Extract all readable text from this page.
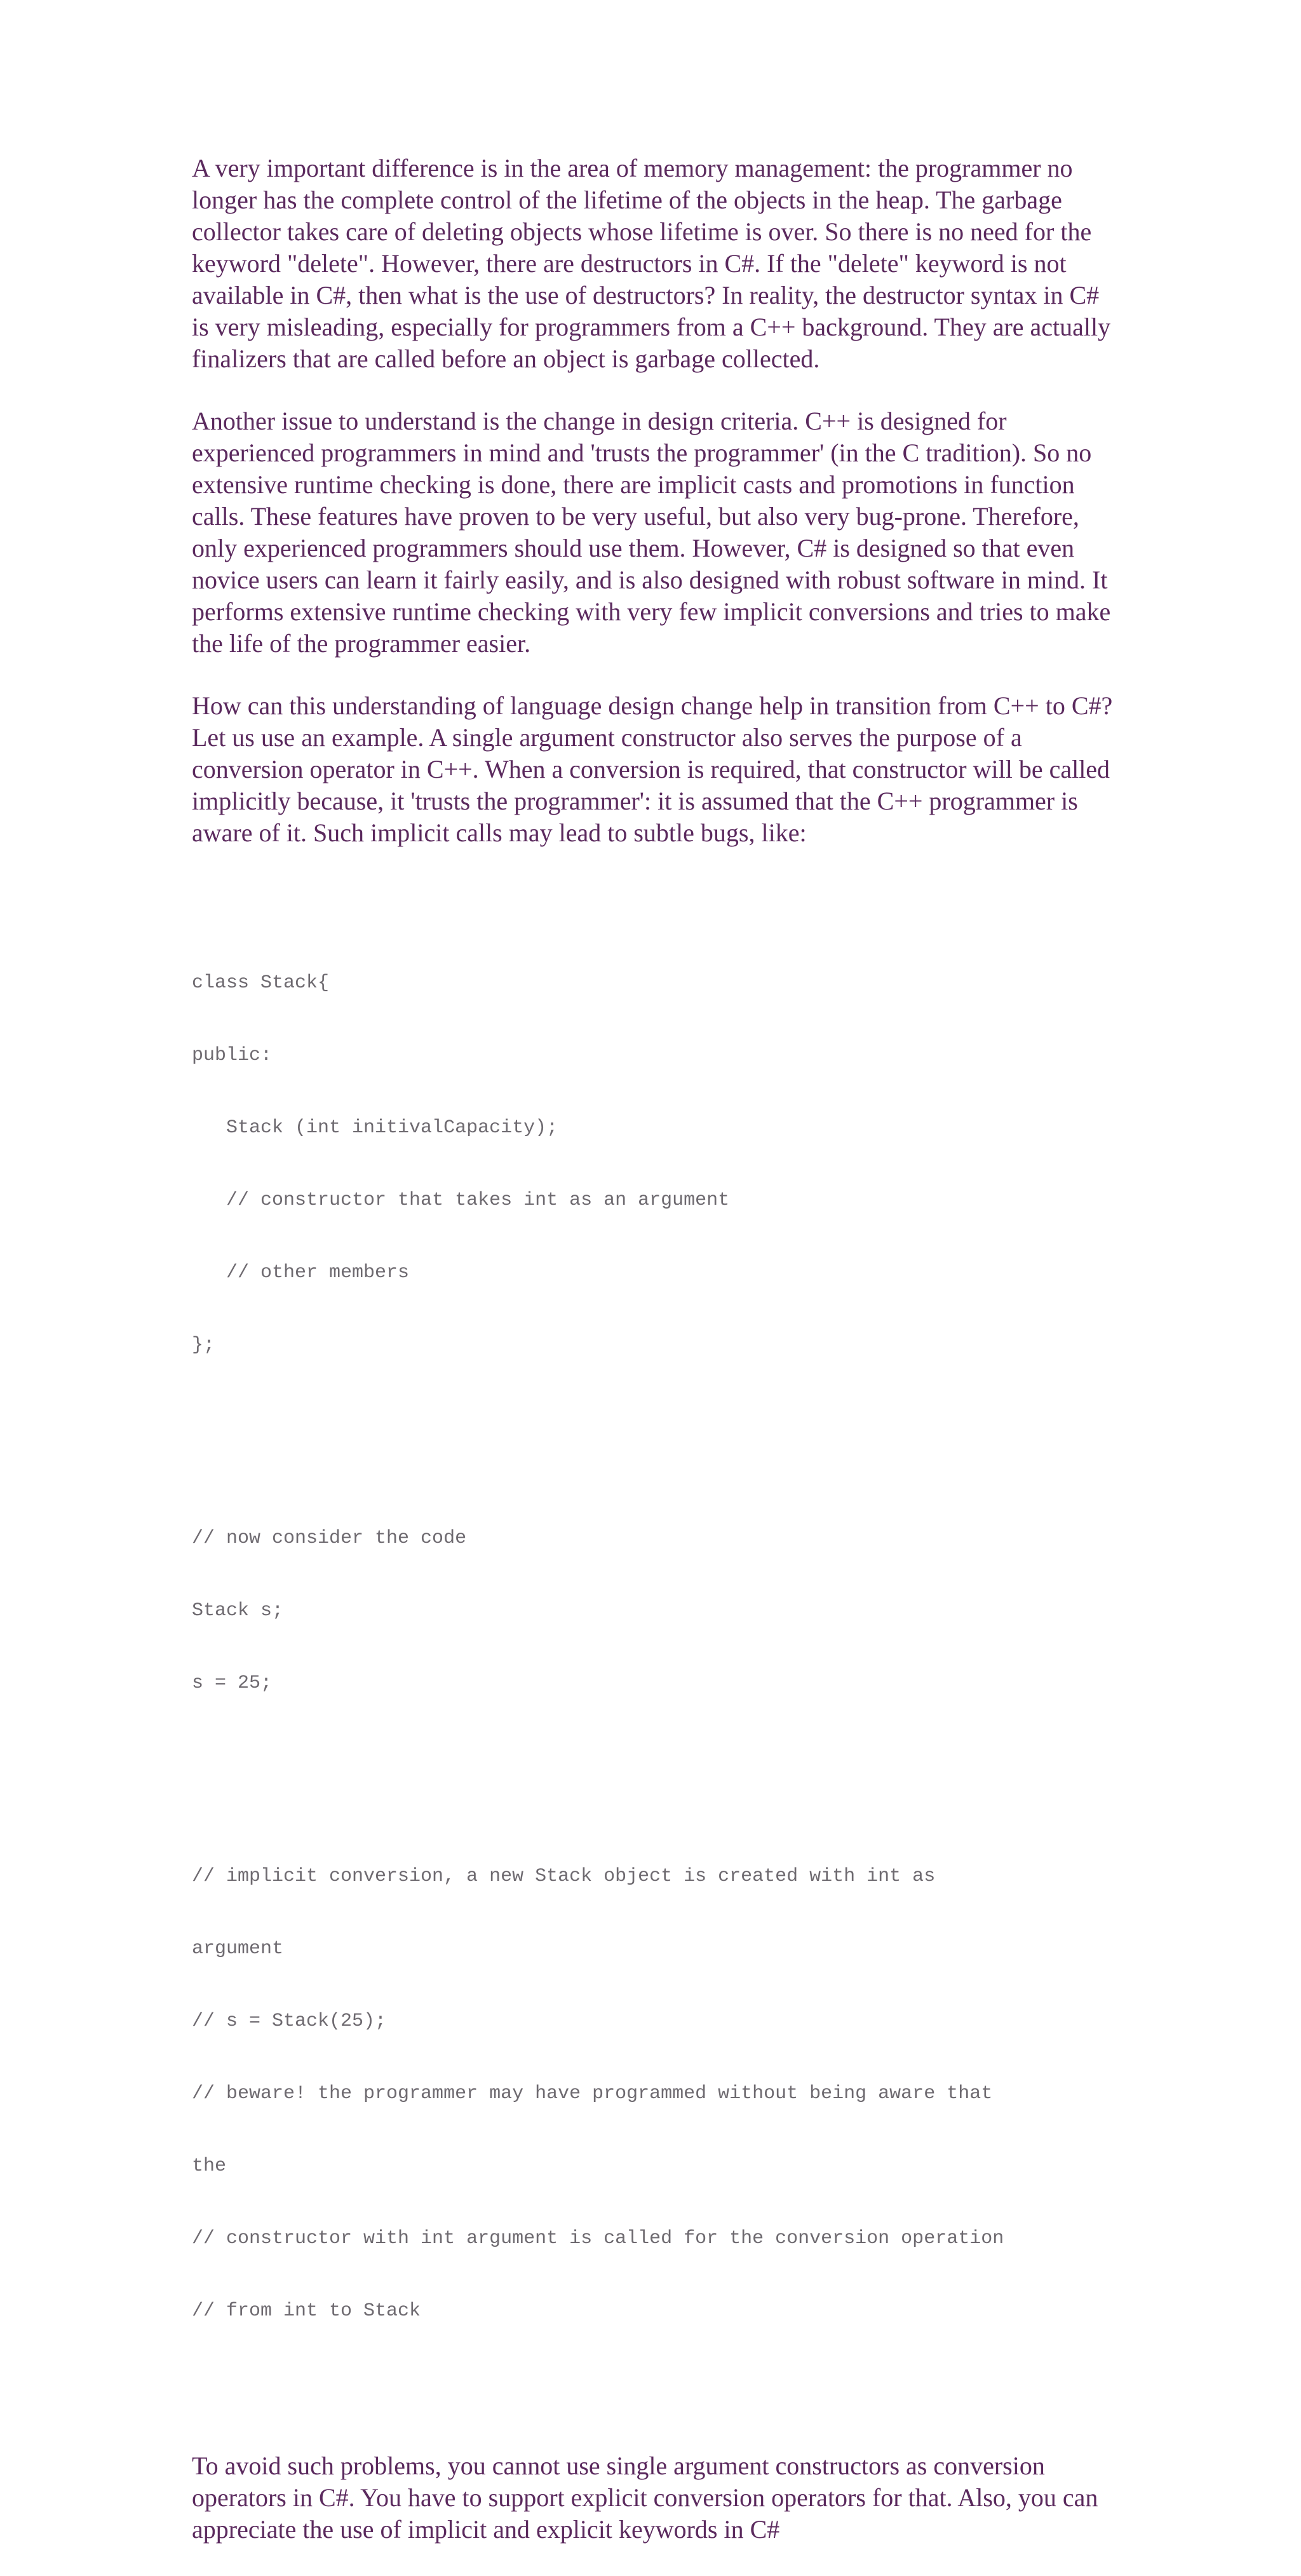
A very important difference is in the area of memory management: the programmer no longer has the complete control of the lifetime of the objects in the heap. The garbage collector takes care of deleting objects whose lifetime is over. So there is no need for the keyword "delete". However, there are destructors in C#. If the "delete" keyword is not available in C#, then what is the use of destructors? In reality, the destructor syntax in C# is very misleading, especially for programmers from a C++ background. They are actually finalizers that are called before an object is garbage collected.

Another issue to understand is the change in design criteria. C++ is designed for experienced programmers in mind and 'trusts the programmer' (in the C tradition). So no extensive runtime checking is done, there are implicit casts and promotions in function calls. These features have proven to be very useful, but also very bug-prone. Therefore, only experienced programmers should use them. However, C# is designed so that even novice users can learn it fairly easily, and is also designed with robust software in mind. It performs extensive runtime checking with very few implicit conversions and tries to make the life of the programmer easier.

How can this understanding of language design change help in transition from C++ to C#? Let us use an example. A single argument constructor also serves the purpose of a conversion operator in C++. When a conversion is required, that constructor will be called implicitly because, it 'trusts the programmer': it is assumed that the C++ programmer is aware of it. Such implicit calls may lead to subtle bugs, like:

class Stack{

public:

Stack (int initivalCapacity);

// constructor that takes int as an argument

// other members

};

// now consider the code

Stack s;

s = 25;

// implicit conversion, a new Stack object is created with int as

argument

// s = Stack(25);

// beware! the programmer may have programmed without being aware that

the

// constructor with int argument is called for the conversion operation

// from int to Stack

To avoid such problems, you cannot use single argument constructors as conversion operators in C#. You have to support explicit conversion operators for that. Also, you can appreciate the use of implicit and explicit keywords in C#
